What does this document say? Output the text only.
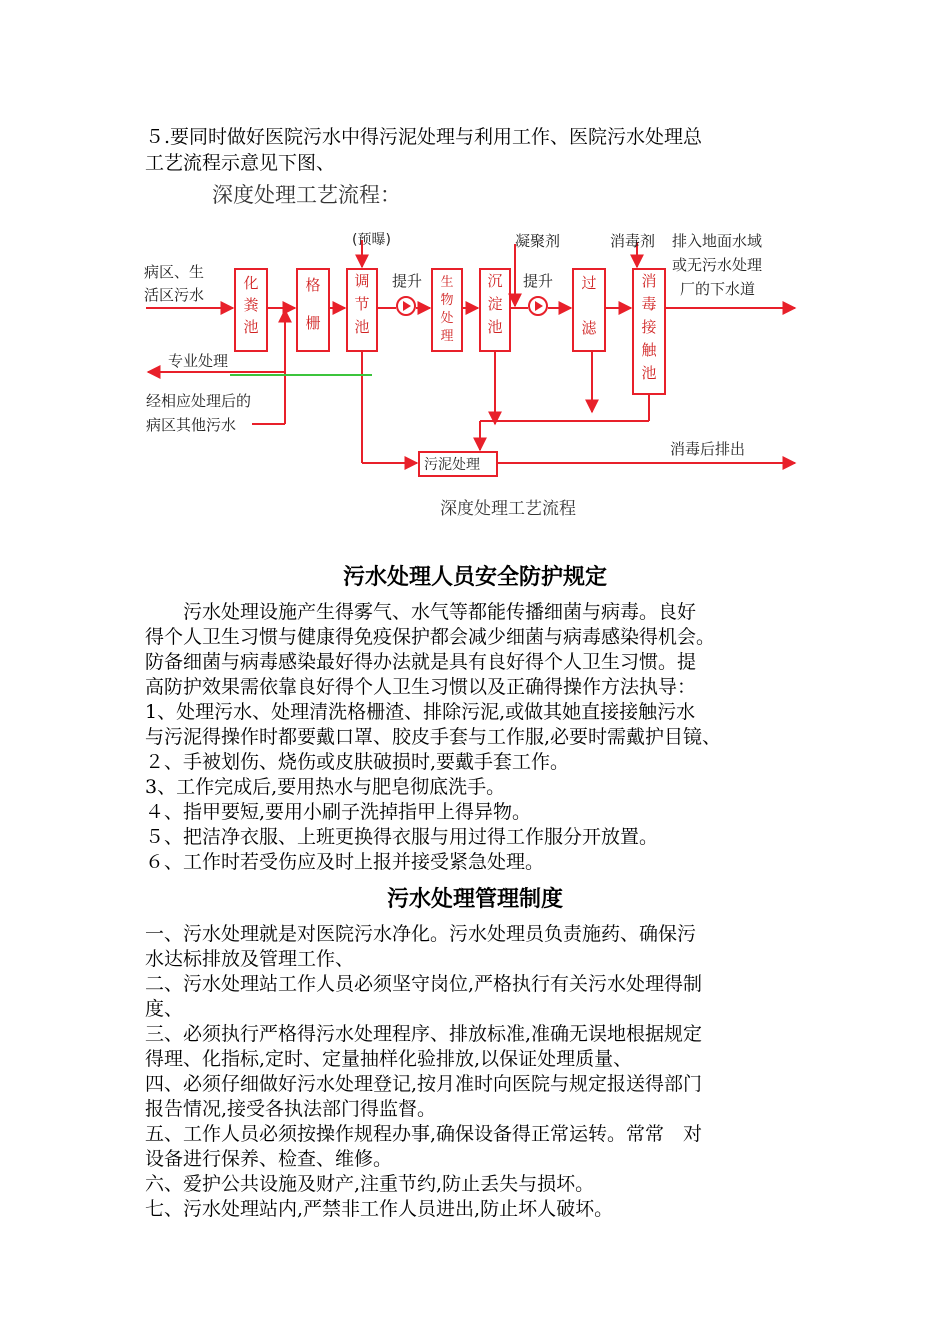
５.要同时做好医院污水中得污泥处理与利用工作、医院污水处理总
工艺流程示意见下图、
深度处理工艺流程：
病区、生
活区污水
化
粪
池
格
栅
调
节
池
生
物
处
理
沉
淀
池
过
滤
消
毒
接
触
池
(预曝)
提升	提升
凝聚剂	消毒剂 排入地面水域
或无污水处理
厂的下水道
专业处理
经相应处理后的
病区其他污水
污泥处理
消毒后排出
深度处理工艺流程
污水处理人员安全防护规定
　　污水处理设施产生得雾气、水气等都能传播细菌与病毒。良好
得个人卫生习惯与健康得免疫保护都会减少细菌与病毒感染得机会。
防备细菌与病毒感染最好得办法就是具有良好得个人卫生习惯。提
高防护效果需依靠良好得个人卫生习惯以及正确得操作方法执导：
1、处理污水、处理清洗格栅渣、排除污泥,或做其她直接接触污水
与污泥得操作时都要戴口罩、胶皮手套与工作服,必要时需戴护目镜、
２、手被划伤、烧伤或皮肤破损时,要戴手套工作。
3、工作完成后,要用热水与肥皂彻底洗手。
４、指甲要短,要用小刷子洗掉指甲上得异物。
５、把洁净衣服、上班更换得衣服与用过得工作服分开放置。
６、工作时若受伤应及时上报并接受紧急处理。
污水处理管理制度
一、污水处理就是对医院污水净化。污水处理员负责施药、确保污
水达标排放及管理工作、
二、污水处理站工作人员必须坚守岗位,严格执行有关污水处理得制
度、
三、必须执行严格得污水处理程序、排放标准,准确无误地根据规定
得理、化指标,定时、定量抽样化验排放,以保证处理质量、
四、必须仔细做好污水处理登记,按月准时向医院与规定报送得部门
报告情况,接受各执法部门得监督。
五、工作人员必须按操作规程办事,确保设备得正常运转。常常　对
设备进行保养、检查、维修。
六、爱护公共设施及财产,注重节约,防止丢失与损坏。
七、污水处理站内,严禁非工作人员进出,防止坏人破坏。
